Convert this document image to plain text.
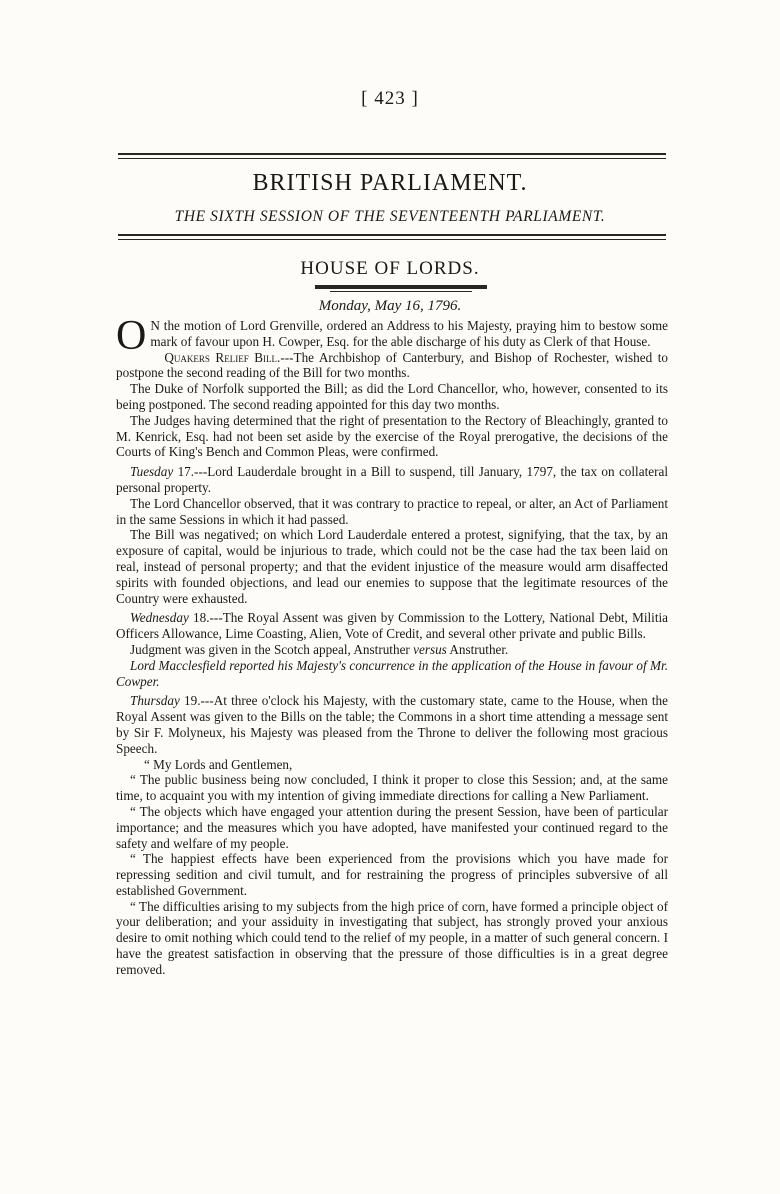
[ 423 ]
BRITISH PARLIAMENT.
THE SIXTH SESSION OF THE SEVENTEENTH PARLIAMENT.
HOUSE OF LORDS.
Monday, May 16, 1796.

O N the motion of Lord Grenville, ordered an Address to his Majesty, praying him to bestow some mark of favour upon H. Cowper, Esq. for the able discharge of his duty as Clerk of that House.

Quakers Relief Bill.---The Archbishop of Canterbury, and Bishop of Rochester, wished to postpone the second reading of the Bill for two months.

The Duke of Norfolk supported the Bill; as did the Lord Chancellor, who, however, consented to its being postponed. The second reading appointed for this day two months.

The Judges having determined that the right of presentation to the Rectory of Bleachingly, granted to M. Kenrick, Esq. had not been set aside by the exercise of the Royal prerogative, the decisions of the Courts of King's Bench and Common Pleas, were confirmed.

Tuesday 17.---Lord Lauderdale brought in a Bill to suspend, till January, 1797, the tax on collateral personal property.

The Lord Chancellor observed, that it was contrary to practice to repeal, or alter, an Act of Parliament in the same Sessions in which it had passed.

The Bill was negatived; on which Lord Lauderdale entered a protest, signifying, that the tax, by an exposure of capital, would be injurious to trade, which could not be the case had the tax been laid on real, instead of personal property; and that the evident injustice of the measure would arm disaffected spirits with founded objections, and lead our enemies to suppose that the legitimate resources of the Country were exhausted.

Wednesday 18.---The Royal Assent was given by Commission to the Lottery, National Debt, Militia Officers Allowance, Lime Coasting, Alien, Vote of Credit, and several other private and public Bills.

Judgment was given in the Scotch appeal, Anstruther versus Anstruther.

Lord Macclesfield reported his Majesty's concurrence in the application of the House in favour of Mr. Cowper.

Thursday 19.---At three o'clock his Majesty, with the customary state, came to the House, when the Royal Assent was given to the Bills on the table; the Commons in a short time attending a message sent by Sir F. Molyneux, his Majesty was pleased from the Throne to deliver the following most gracious Speech.

“ My Lords and Gentlemen,

“ The public business being now concluded, I think it proper to close this Session; and, at the same time, to acquaint you with my intention of giving immediate directions for calling a New Parliament.

“ The objects which have engaged your attention during the present Session, have been of particular importance; and the measures which you have adopted, have manifested your continued regard to the safety and welfare of my people.

“ The happiest effects have been experienced from the provisions which you have made for repressing sedition and civil tumult, and for restraining the progress of principles subversive of all established Government.

“ The difficulties arising to my subjects from the high price of corn, have formed a principle object of your deliberation; and your assiduity in investigating that subject, has strongly proved your anxious desire to omit nothing which could tend to the relief of my people, in a matter of such general concern. I have the greatest satisfaction in observing that the pressure of those difficulties is in a great degree removed.
